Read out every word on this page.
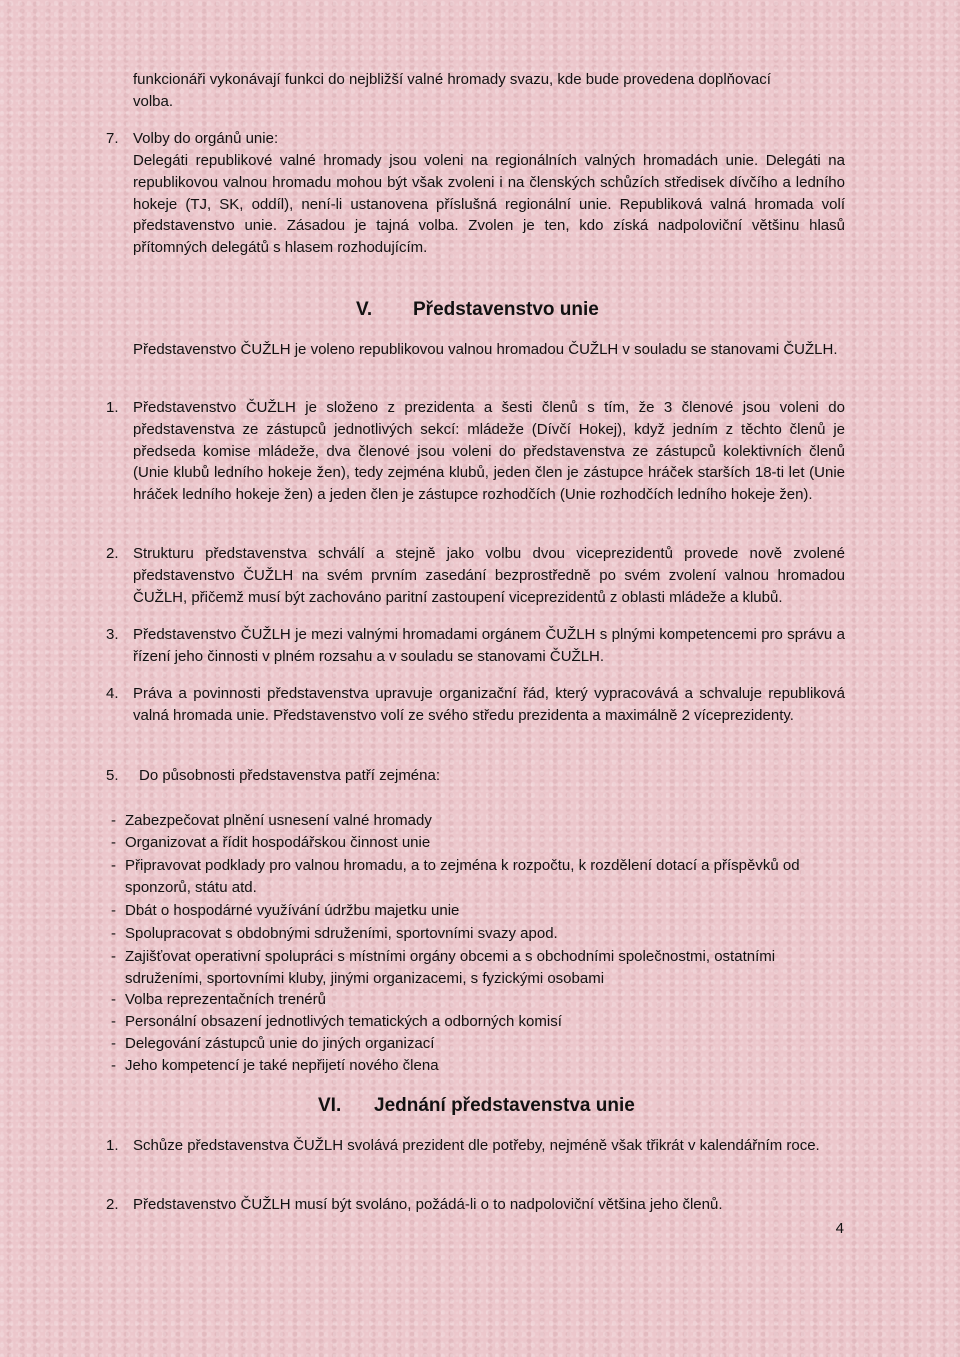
funkcionáři vykonávají funkci do nejbližší valné hromady svazu, kde bude provedena doplňovací
volba.
7. Volby do orgánů unie:
Delegáti republikové valné hromady jsou voleni na regionálních valných hromadách unie. Delegáti na republikovou valnou hromadu mohou být však zvoleni i na členských schůzích středisek dívčího a ledního hokeje (TJ, SK, oddíl), není-li ustanovena příslušná regionální unie. Republiková valná hromada volí představenstvo unie. Zásadou je tajná volba. Zvolen je ten, kdo získá nadpoloviční většinu hlasů přítomných delegátů s hlasem rozhodujícím.
V. Představenstvo unie
Představenstvo ČUŽLH je voleno republikovou valnou hromadou ČUŽLH v souladu se stanovami ČUŽLH.
1. Představenstvo ČUŽLH je složeno z prezidenta a šesti členů s tím, že 3 členové jsou voleni do představenstva ze zástupců jednotlivých sekcí: mládeže (Dívčí Hokej), když jedním z těchto členů je předseda komise mládeže, dva členové jsou voleni do představenstva ze zástupců kolektivních členů (Unie klubů ledního hokeje žen), tedy zejména klubů, jeden člen je zástupce hráček starších 18-ti let (Unie hráček ledního hokeje žen) a jeden člen je zástupce rozhodčích (Unie rozhodčích ledního hokeje žen).
2. Strukturu představenstva schválí a stejně jako volbu dvou viceprezidentů provede nově zvolené představenstvo ČUŽLH na svém prvním zasedání bezprostředně po svém zvolení valnou hromadou ČUŽLH, přičemž musí být zachováno paritní zastoupení viceprezidentů z oblasti mládeže a klubů.
3. Představenstvo ČUŽLH je mezi valnými hromadami orgánem ČUŽLH s plnými kompetencemi pro správu a řízení jeho činnosti v plném rozsahu a v souladu se stanovami ČUŽLH.
4. Práva a povinnosti představenstva upravuje organizační řád, který vypracovává a schvaluje republiková valná hromada unie. Představenstvo volí ze svého středu prezidenta a maximálně 2 víceprezidenty.
5. Do působnosti představenstva patří zejména:
- Zabezpečovat plnění usnesení valné hromady
- Organizovat a řídit hospodářskou činnost unie
- Připravovat podklady pro valnou hromadu, a to zejména k rozpočtu, k rozdělení dotací a příspěvků od sponzorů, státu atd.
- Dbát o hospodárné využívání údržbu majetku unie
- Spolupracovat s obdobnými sdruženími, sportovními svazy apod.
- Zajišťovat operativní spolupráci s místními orgány obcemi a s obchodními společnostmi, ostatními sdruženími, sportovními kluby, jinými organizacemi, s fyzickými osobami
- Volba reprezentačních trenérů
- Personální obsazení jednotlivých tematických a odborných komisí
- Delegování zástupců unie do jiných organizací
- Jeho kompetencí je také nepřijetí nového člena
VI. Jednání představenstva unie
1. Schůze představenstva ČUŽLH svolává prezident dle potřeby, nejméně však třikrát v kalendářním roce.
2. Představenstvo ČUŽLH musí být svoláno, požádá-li o to nadpoloviční většina jeho členů.
4
